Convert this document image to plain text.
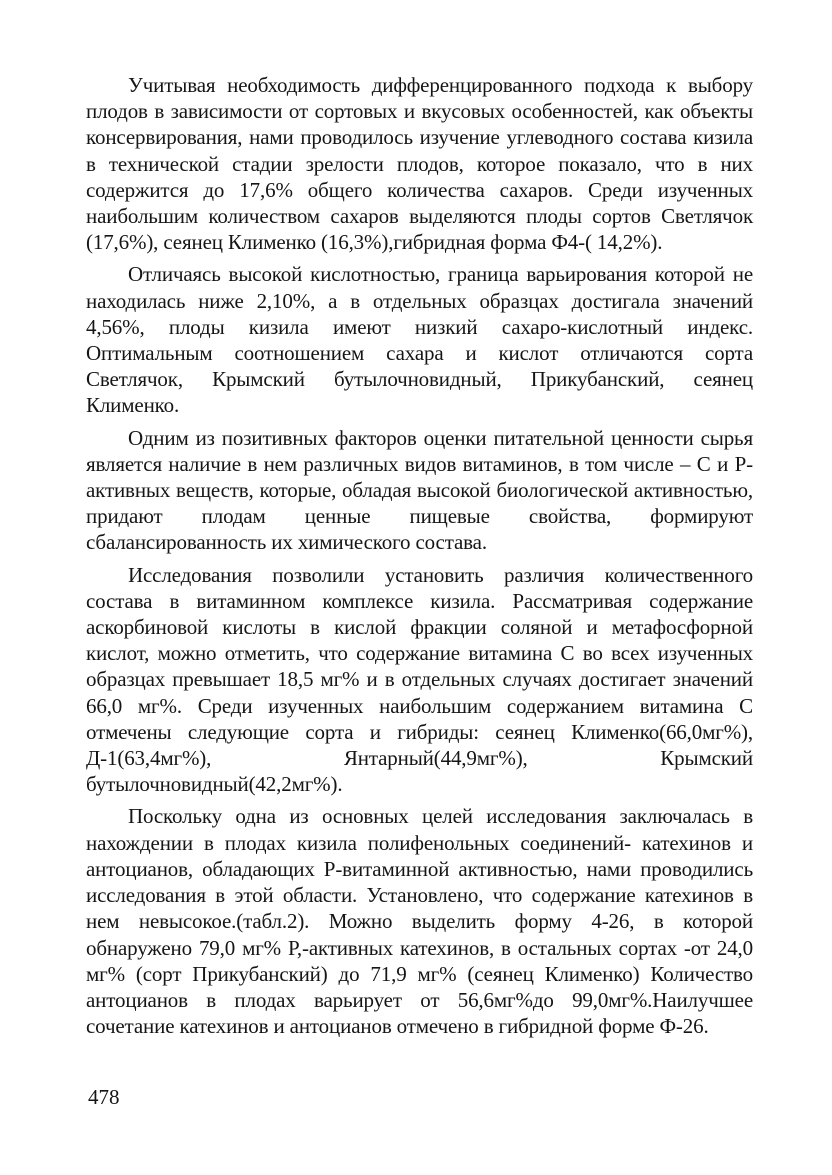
Учитывая необходимость дифференцированного подхода к выбору плодов в зависимости от сортовых и вкусовых особенностей, как объекты консервирования, нами проводилось изучение углеводного состава кизила в технической стадии зрелости плодов, которое показало, что в них содержится до 17,6% общего количества сахаров. Среди изученных наибольшим количеством сахаров выделяются плоды сортов Светлячок (17,6%), сеянец Клименко (16,3%),гибридная форма Ф4-( 14,2%).

Отличаясь высокой кислотностью, граница варьирования которой не находилась ниже 2,10%, а в отдельных образцах достигала значений 4,56%, плоды кизила имеют низкий сахаро-кислотный индекс. Оптимальным соотношением сахара и кислот отличаются сорта Светлячок, Крымский бутылочновидный, Прикубанский, сеянец Клименко.

Одним из позитивных факторов оценки питательной ценности сырья является наличие в нем различных видов витаминов, в том числе – С и Р-активных веществ, которые, обладая высокой биологической активностью, придают плодам ценные пищевые свойства, формируют сбалансированность их химического состава.

Исследования позволили установить различия количественного состава в витаминном комплексе кизила. Рассматривая содержание аскорбиновой кислоты в кислой фракции соляной и метафосфорной кислот, можно отметить, что содержание витамина С во всех изученных образцах превышает 18,5 мг% и в отдельных случаях достигает значений 66,0 мг%. Среди изученных наибольшим содержанием витамина С отмечены следующие сорта и гибриды: сеянец Клименко(66,0мг%), Д-1(63,4мг%), Янтарный(44,9мг%), Крымский бутылочновидный(42,2мг%).

Поскольку одна из основных целей исследования заключалась в нахождении в плодах кизила полифенольных соединений- катехинов и антоцианов, обладающих Р-витаминной активностью, нами проводились исследования в этой области. Установлено, что содержание катехинов в нем невысокое.(табл.2). Можно выделить форму 4-26, в которой обнаружено 79,0 мг% Р,-активных катехинов, в остальных сортах -от 24,0 мг% (сорт Прикубанский) до 71,9 мг% (сеянец Клименко) Количество антоцианов в плодах варьирует от 56,6мг%до 99,0мг%.Наилучшее сочетание катехинов и антоцианов отмечено в гибридной форме Ф-26.

478
